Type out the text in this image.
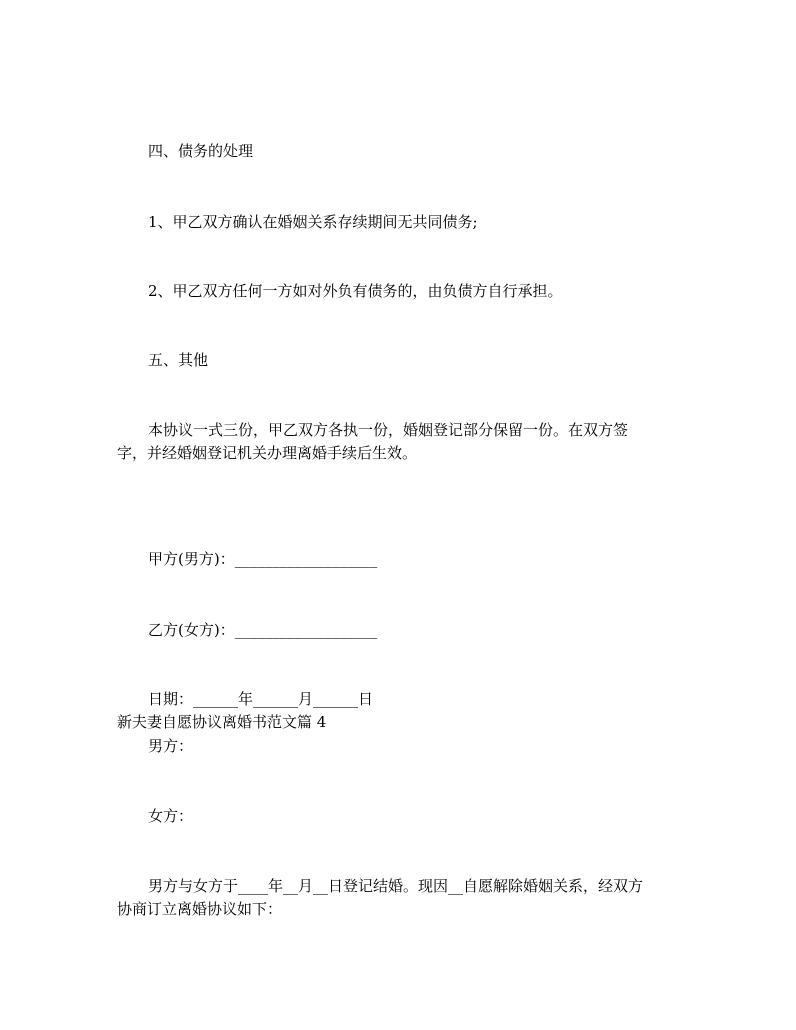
四、债务的处理
1、甲乙双方确认在婚姻关系存续期间无共同债务;
2、甲乙双方任何一方如对外负有债务的，由负债方自行承担。
五、其他
本协议一式三份，甲乙双方各执一份，婚姻登记部分保留一份。在双方签
字，并经婚姻登记机关办理离婚手续后生效。
甲方(男方)：___________________
乙方(女方)：___________________
日期：______年______月______日
新夫妻自愿协议离婚书范文篇 4
男方：
女方：
男方与女方于____年__月__日登记结婚。现因__自愿解除婚姻关系，经双方
协商订立离婚协议如下：
